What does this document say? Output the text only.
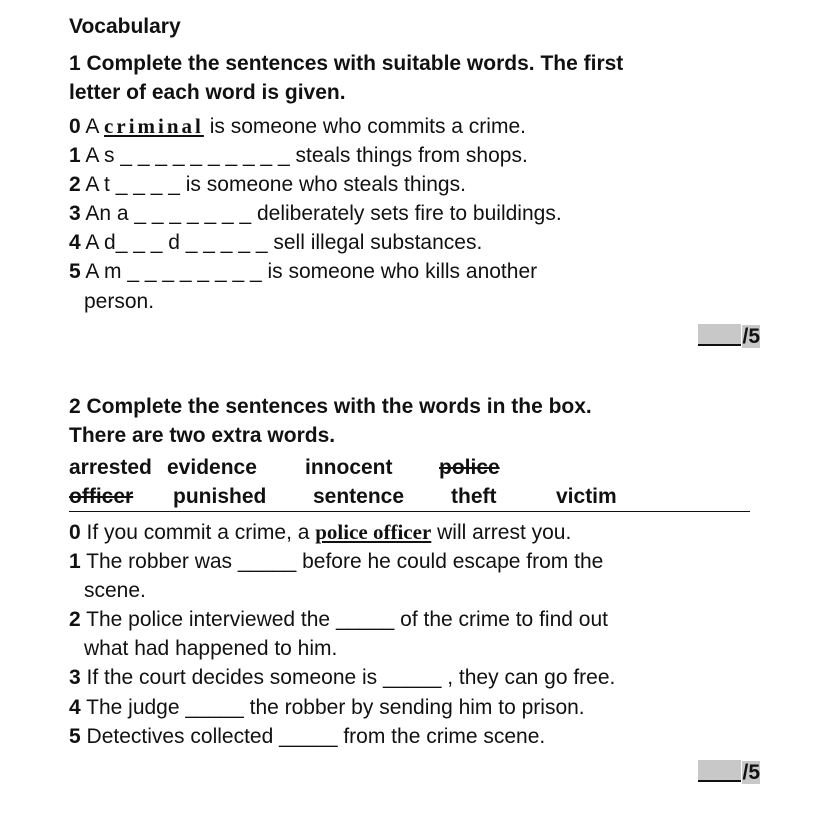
Vocabulary
1 Complete the sentences with suitable words. The first
letter of each word is given.
0 A criminal is someone who commits a crime.
1 A s _ _ _ _ _ _ _ _ _ _ steals things from shops.
2 A t _ _ _ _ is someone who steals things.
3 An a _ _ _ _ _ _ _ deliberately sets fire to buildings.
4 A d_ _ _ d _ _ _ _ _ sell illegal substances.
5 A m _ _ _ _ _ _ _ _ is someone who kills another
person.
/5
2 Complete the sentences with the words in the box.
There are two extra words.
arrested evidence innocent police
officer punished sentence theft	victim
0 If you commit a crime, a police officer will arrest you.
1 The robber was _____ before he could escape from the
scene.
2 The police interviewed the _____ of the crime to find out
what had happened to him.
3 If the court decides someone is _____ , they can go free.
4 The judge _____ the robber by sending him to prison.
5 Detectives collected _____ from the crime scene.
/5
